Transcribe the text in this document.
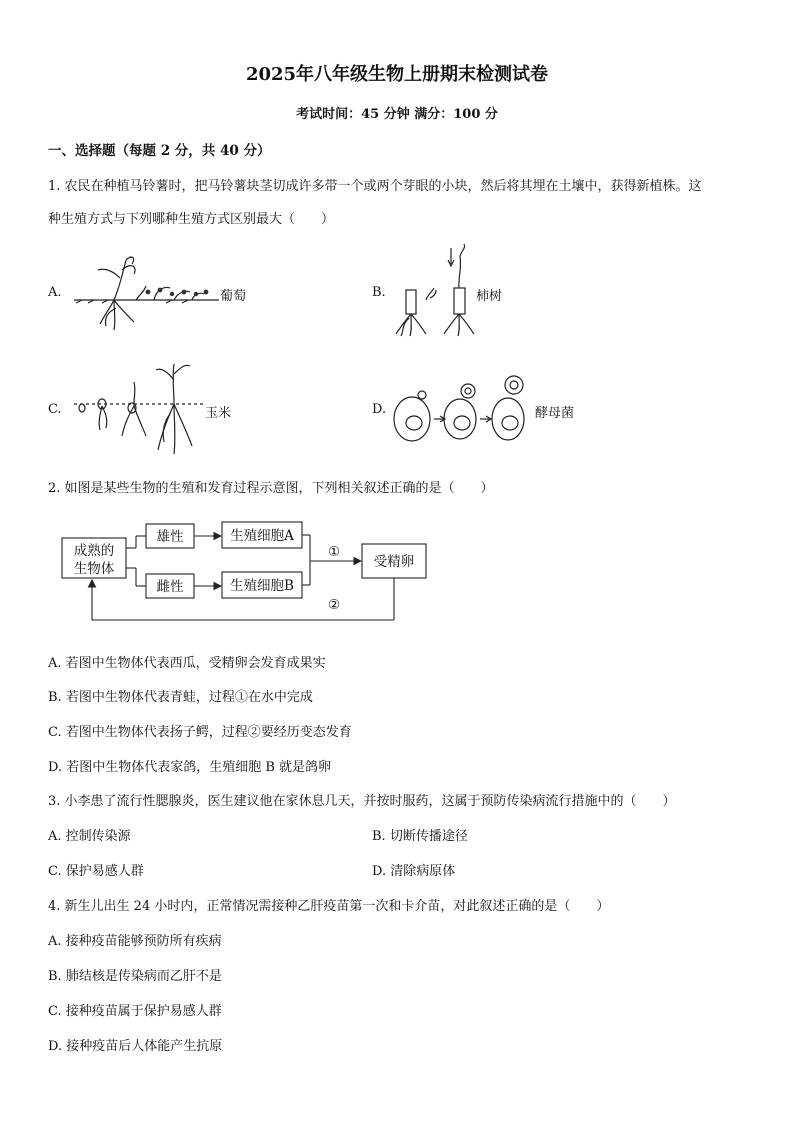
2025年八年级生物上册期末检测试卷
考试时间：45 分钟 满分：100 分
一、选择题（每题 2 分，共 40 分）
1. 农民在种植马铃薯时，把马铃薯块茎切成许多带一个或两个芽眼的小块，然后将其埋在土壤中，获得新植株。这
种生殖方式与下列哪种生殖方式区别最大（　　）
A.	葡萄	B.	柿树
C.	玉米	D.	酵母菌
2. 如图是某些生物的生殖和发育过程示意图，下列相关叙述正确的是（　　）
成熟的
生物体
雄性
雌性
生殖细胞A
生殖细胞B
受精卵
①
②
A. 若图中生物体代表西瓜，受精卵会发育成果实
B. 若图中生物体代表青蛙，过程①在水中完成
C. 若图中生物体代表扬子鳄，过程②要经历变态发育
D. 若图中生物体代表家鸽，生殖细胞 B 就是鸽卵
3. 小李患了流行性腮腺炎，医生建议他在家休息几天，并按时服药，这属于预防传染病流行措施中的（　　）
A. 控制传染源	B. 切断传播途径
C. 保护易感人群	D. 清除病原体
4. 新生儿出生 24 小时内，正常情况需接种乙肝疫苗第一次和卡介苗，对此叙述正确的是（　　）
A. 接种疫苗能够预防所有疾病
B. 肺结核是传染病而乙肝不是
C. 接种疫苗属于保护易感人群
D. 接种疫苗后人体能产生抗原
